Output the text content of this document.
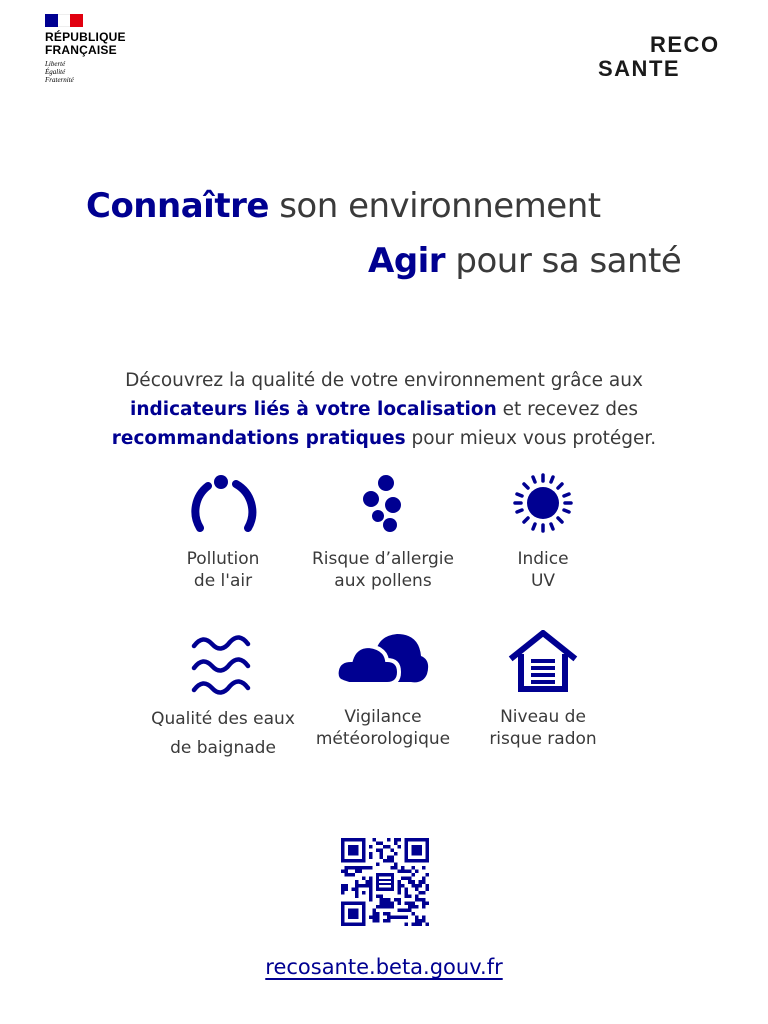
RÉPUBLIQUE
FRANÇAISE
Liberté
Égalité
Fraternité
RECO
SANTE
Connaître son environnement
Agir pour sa santé
Découvrez la qualité de votre environnement grâce aux indicateurs liés à votre localisation et recevez des recommandations pratiques pour mieux vous protéger.
Pollution
de l'air
Risque d’allergie
aux pollens
Indice
UV
Qualité des eaux
de baignade
Vigilance
météorologique
Niveau de
risque radon
recosante.beta.gouv.fr
